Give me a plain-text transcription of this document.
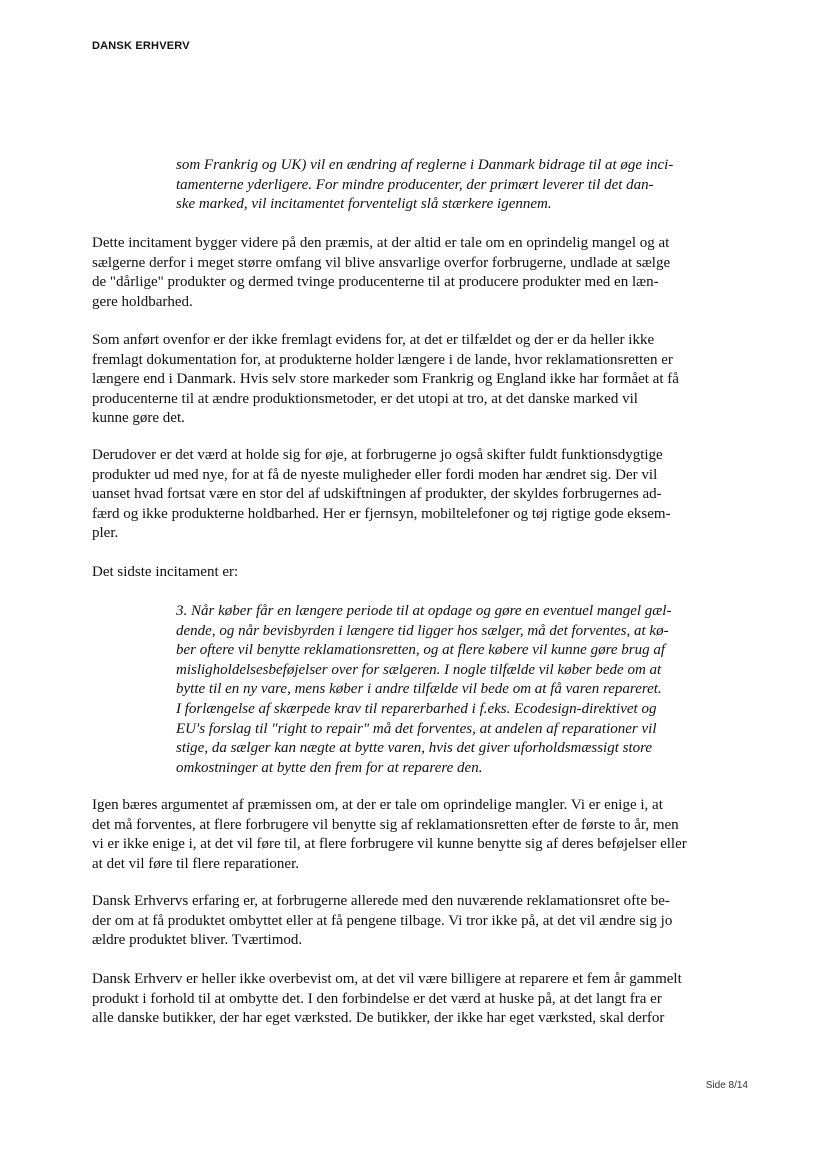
DANSK ERHVERV
som Frankrig og UK) vil en ændring af reglerne i Danmark bidrage til at øge inci-
tamenterne yderligere. For mindre producenter, der primært leverer til det dan-
ske marked, vil incitamentet forventeligt slå stærkere igennem.
Dette incitament bygger videre på den præmis, at der altid er tale om en oprindelig mangel og at
sælgerne derfor i meget større omfang vil blive ansvarlige overfor forbrugerne, undlade at sælge
de "dårlige" produkter og dermed tvinge producenterne til at producere produkter med en læn-
gere holdbarhed.
Som anført ovenfor er der ikke fremlagt evidens for, at det er tilfældet og der er da heller ikke
fremlagt dokumentation for, at produkterne holder længere i de lande, hvor reklamationsretten er
længere end i Danmark. Hvis selv store markeder som Frankrig og England ikke har formået at få
producenterne til at ændre produktionsmetoder, er det utopi at tro, at det danske marked vil
kunne gøre det.
Derudover er det værd at holde sig for øje, at forbrugerne jo også skifter fuldt funktionsdygtige
produkter ud med nye, for at få de nyeste muligheder eller fordi moden har ændret sig. Der vil
uanset hvad fortsat være en stor del af udskiftningen af produkter, der skyldes forbrugernes ad-
færd og ikke produkterne holdbarhed. Her er fjernsyn, mobiltelefoner og tøj rigtige gode eksem-
pler.
Det sidste incitament er:
3. Når køber får en længere periode til at opdage og gøre en eventuel mangel gæl-
dende, og når bevisbyrden i længere tid ligger hos sælger, må det forventes, at kø-
ber oftere vil benytte reklamationsretten, og at flere købere vil kunne gøre brug af
misligholdelsesbeføjelser over for sælgeren. I nogle tilfælde vil køber bede om at
bytte til en ny vare, mens køber i andre tilfælde vil bede om at få varen repareret.
I forlængelse af skærpede krav til reparerbarhed i f.eks. Ecodesign-direktivet og
EU's forslag til "right to repair" må det forventes, at andelen af reparationer vil
stige, da sælger kan nægte at bytte varen, hvis det giver uforholdsmæssigt store
omkostninger at bytte den frem for at reparere den.
Igen bæres argumentet af præmissen om, at der er tale om oprindelige mangler. Vi er enige i, at
det må forventes, at flere forbrugere vil benytte sig af reklamationsretten efter de første to år, men
vi er ikke enige i, at det vil føre til, at flere forbrugere vil kunne benytte sig af deres beføjelser eller
at det vil føre til flere reparationer.
Dansk Erhvervs erfaring er, at forbrugerne allerede med den nuværende reklamationsret ofte be-
der om at få produktet ombyttet eller at få pengene tilbage. Vi tror ikke på, at det vil ændre sig jo
ældre produktet bliver. Tværtimod.
Dansk Erhverv er heller ikke overbevist om, at det vil være billigere at reparere et fem år gammelt
produkt i forhold til at ombytte det. I den forbindelse er det værd at huske på, at det langt fra er
alle danske butikker, der har eget værksted. De butikker, der ikke har eget værksted, skal derfor
Side 8/14
